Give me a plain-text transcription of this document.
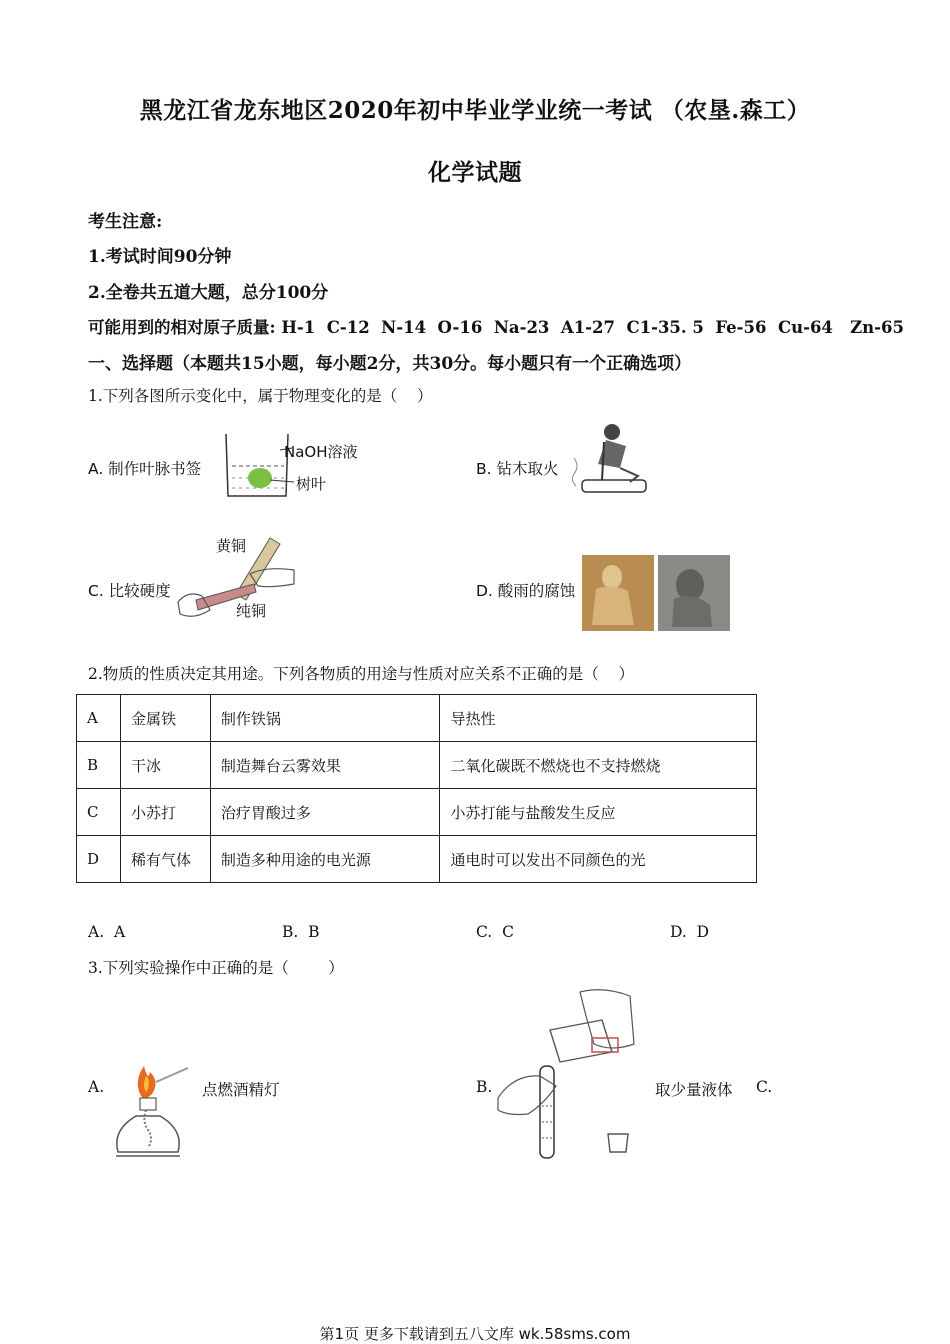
黑龙江省龙东地区2020年初中毕业学业统一考试 （农垦.森工）
化学试题
考生注意:
1.考试时间90分钟
2.全卷共五道大题，总分100分
可能用到的相对原子质量: H-1  C-12  N-14  O-16  Na-23  A1-27  C1-35. 5  Fe-56  Cu-64   Zn-65
一、选择题（本题共15小题，每小题2分，共30分。每小题只有一个正确选项）
1.下列各图所示变化中，属于物理变化的是（    ）
A. 制作叶脉书签
NaOH溶液
树叶
B. 钻木取火
C. 比较硬度
黄铜
纯铜
D. 酸雨的腐蚀
2.物质的性质决定其用途。下列各物质的用途与性质对应关系不正确的是（    ）
A	金属铁	制作铁锅	导热性
B	干冰	制造舞台云雾效果	二氧化碳既不燃烧也不支持燃烧
C	小苏打	治疗胃酸过多	小苏打能与盐酸发生反应
D	稀有气体	制造多种用途的电光源	通电时可以发出不同颜色的光
A.  A	B.  B	C.  C	D.  D
3.下列实验操作中正确的是（        ）
A.	点燃酒精灯	B.	取少量液体 C.
第1页 更多下载请到五八文库 wk.58sms.com
